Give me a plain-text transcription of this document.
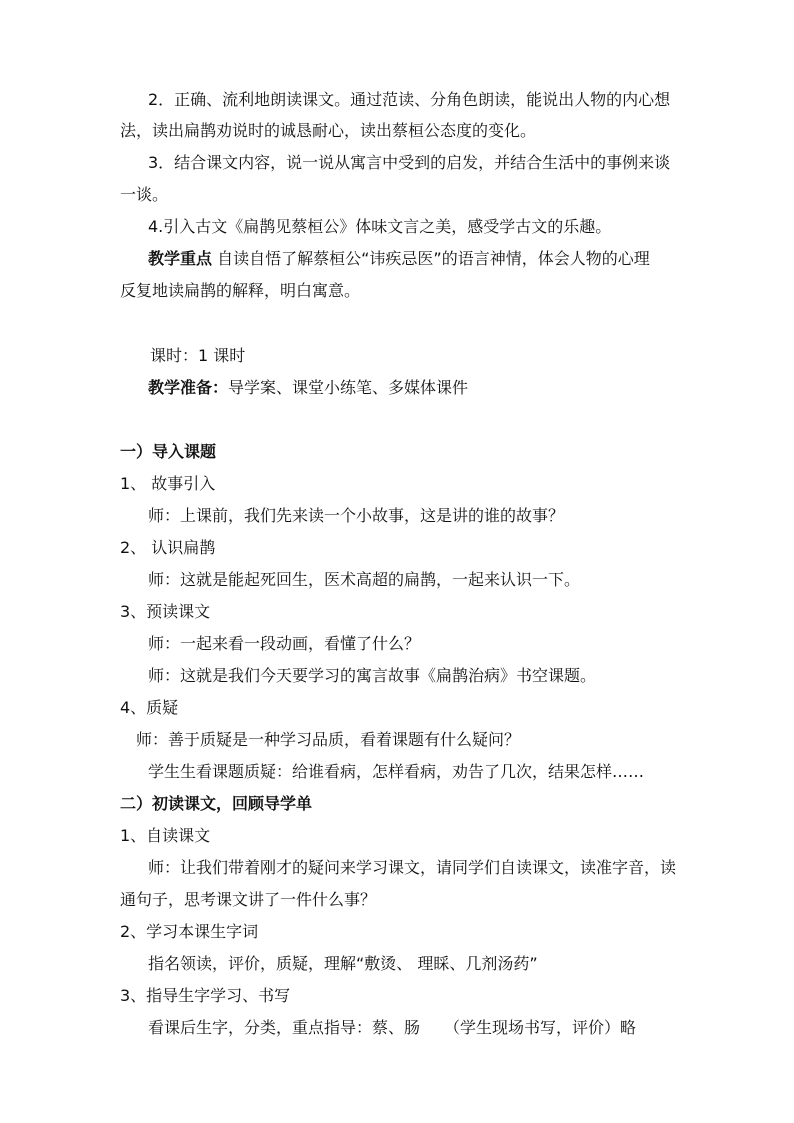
2．正确、流利地朗读课文。通过范读、分角色朗读，能说出人物的内心想
法，读出扁鹊劝说时的诚恳耐心，读出蔡桓公态度的变化。
3．结合课文内容，说一说从寓言中受到的启发，并结合生活中的事例来谈
一谈。
4.引入古文《扁鹊见蔡桓公》体味文言之美，感受学古文的乐趣。
教学重点 自读自悟了解蔡桓公“讳疾忌医”的语言神情，体会人物的心理
反复地读扁鹊的解释，明白寓意。
课时：1 课时
教学准备：导学案、课堂小练笔、多媒体课件
一）导入课题
1、 故事引入
师：上课前，我们先来读一个小故事，这是讲的谁的故事？
2、 认识扁鹊
师：这就是能起死回生，医术高超的扁鹊，一起来认识一下。
3、预读课文
师：一起来看一段动画，看懂了什么？
师：这就是我们今天要学习的寓言故事《扁鹊治病》书空课题。
4、质疑
师：善于质疑是一种学习品质，看着课题有什么疑问？
学生生看课题质疑：给谁看病，怎样看病，劝告了几次，结果怎样……
二）初读课文，回顾导学单
1、自读课文
师：让我们带着刚才的疑问来学习课文，请同学们自读课文，读准字音，读
通句子，思考课文讲了一件什么事？
2、学习本课生字词
指名领读，评价，质疑，理解“敷烫、 理睬、几剂汤药”
3、指导生字学习、书写
看课后生字，分类，重点指导：蔡、肠　　（学生现场书写，评价）略
